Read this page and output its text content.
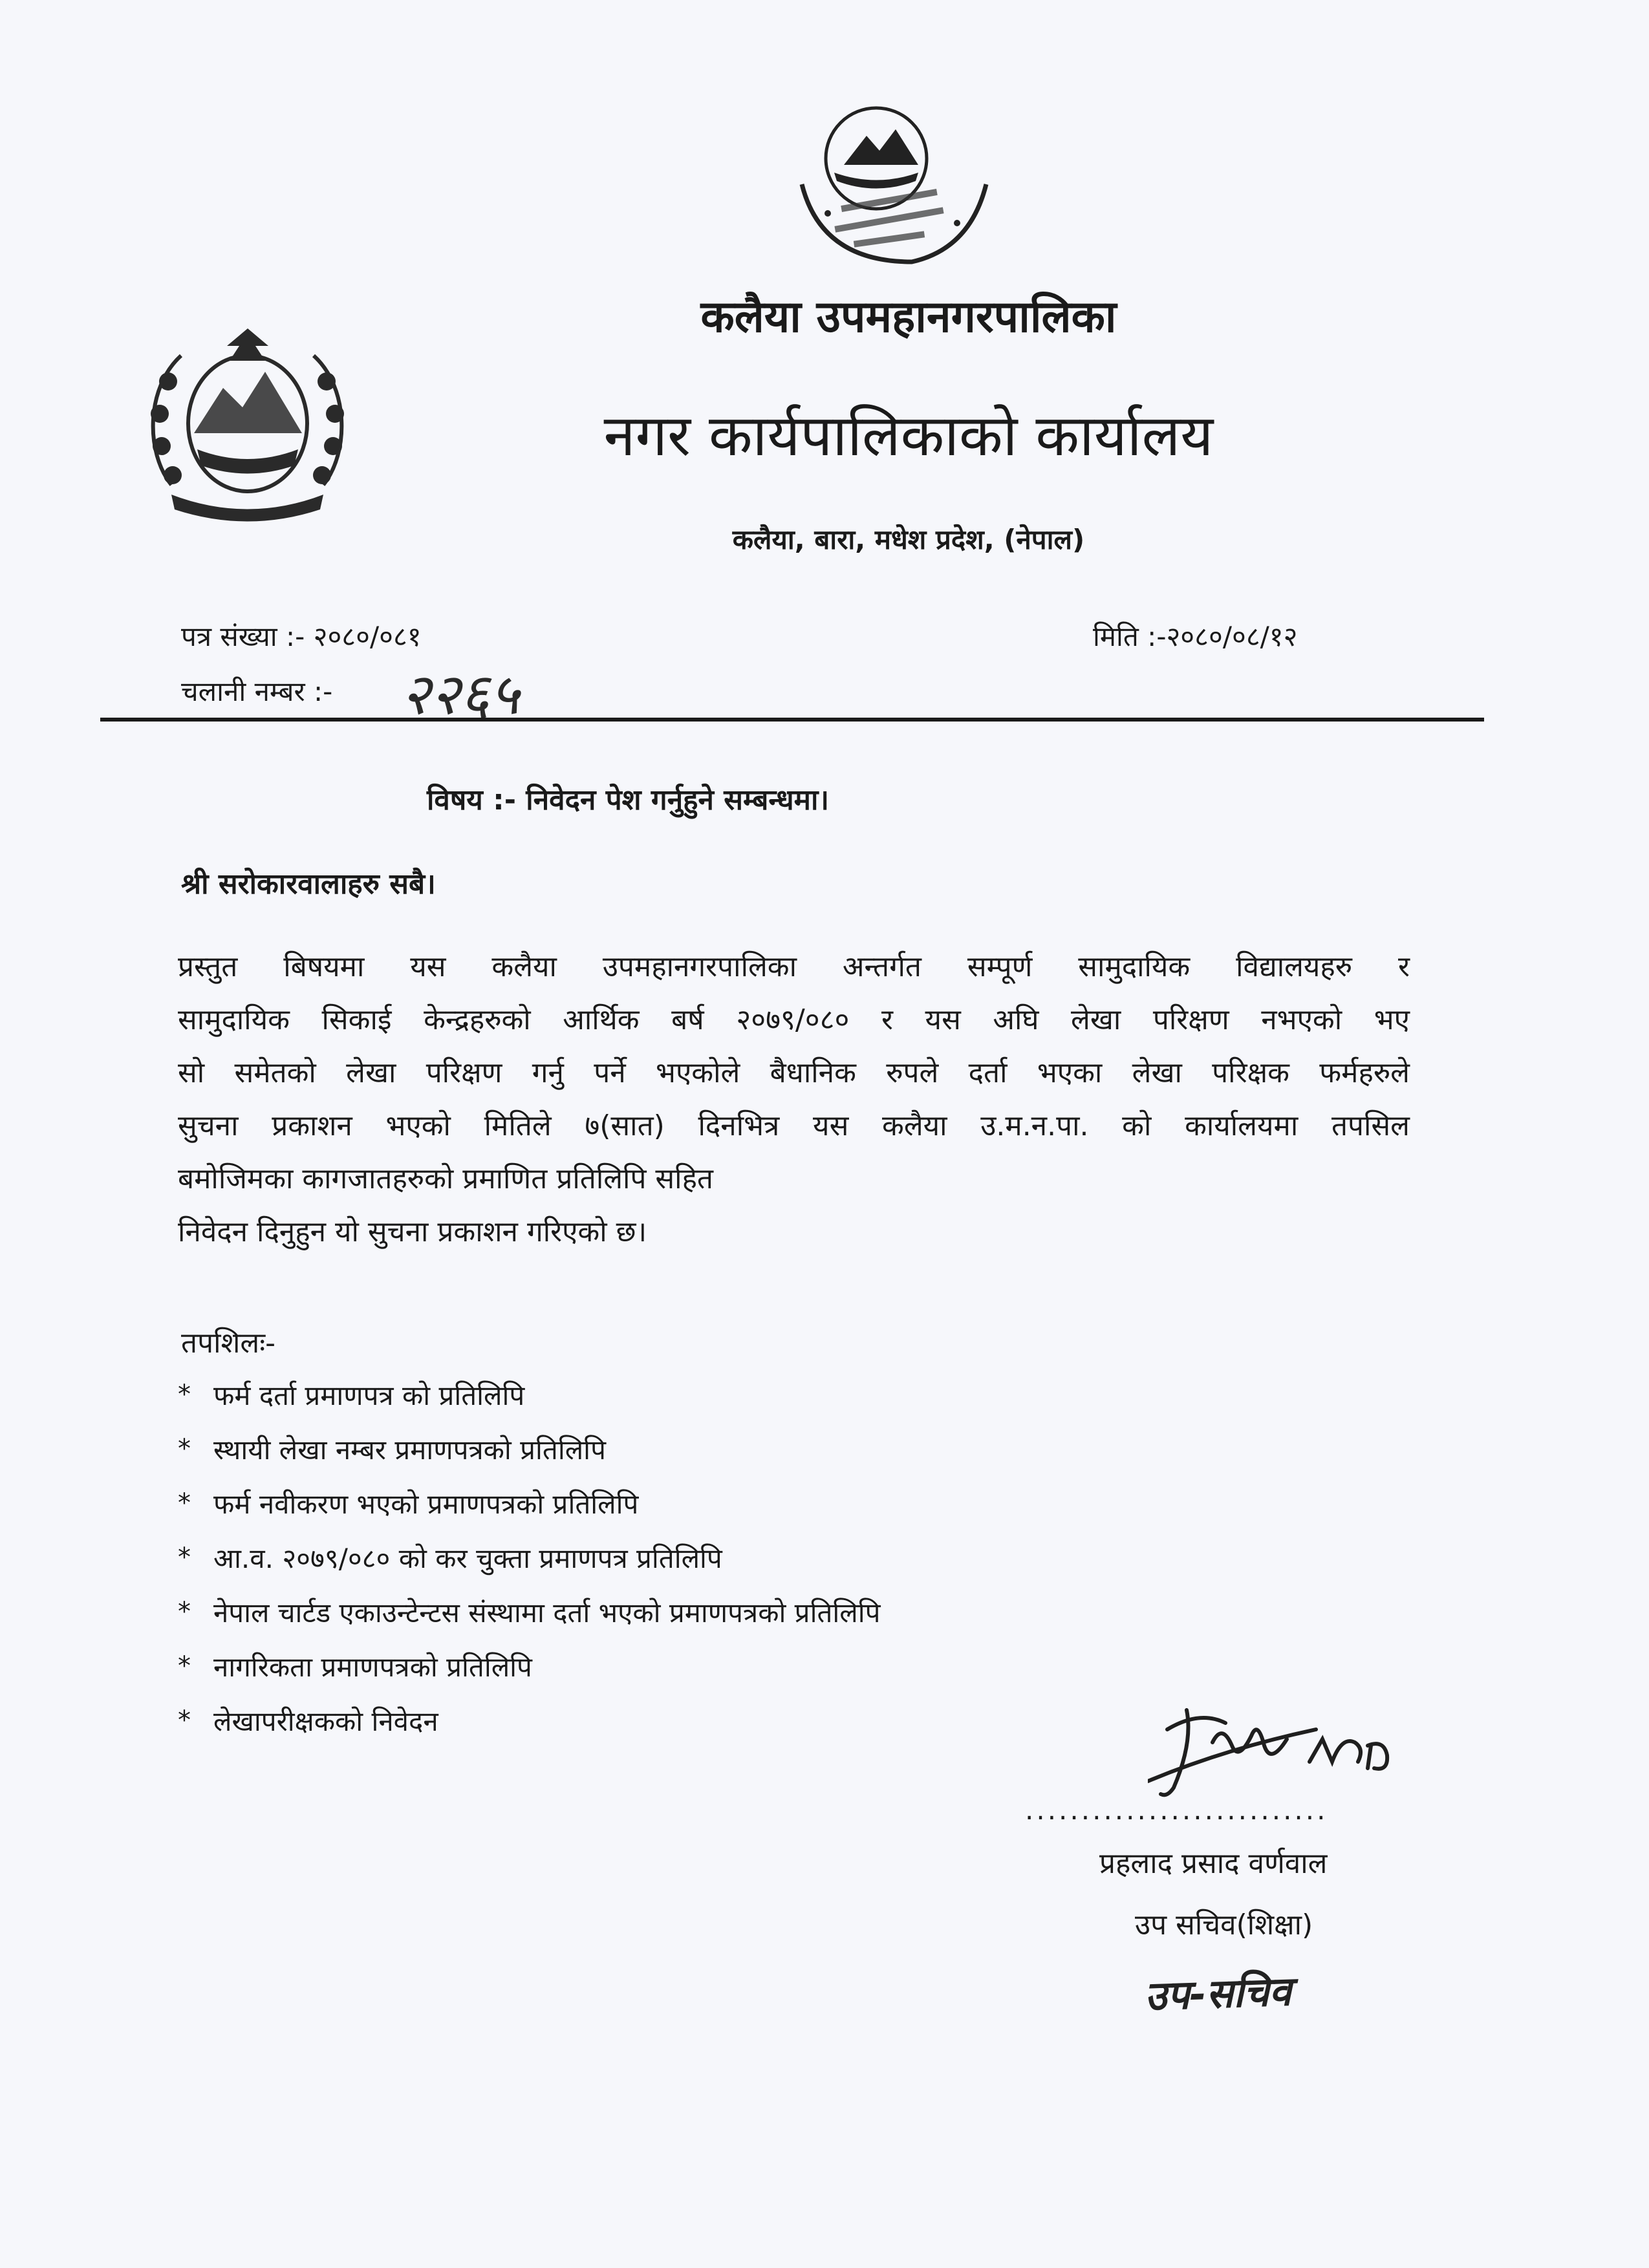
कलैया उपमहानगरपालिका
नगर कार्यपालिकाको कार्यालय
कलैया, बारा, मधेश प्रदेश, (नेपाल)
पत्र संख्या :- २०८०/०८१
चलानी नम्बर :- २२६५
मिति :-२०८०/०८/१२
विषय :- निवेदन पेश गर्नुहुने सम्बन्धमा।
श्री सरोकारवालाहरु सबै।
प्रस्तुत बिषयमा यस कलैया उपमहानगरपालिका अन्तर्गत सम्पूर्ण सामुदायिक विद्यालयहरु र
सामुदायिक सिकाई केन्द्रहरुको आर्थिक बर्ष २०७९/०८० र यस अघि लेखा परिक्षण नभएको भए
सो समेतको लेखा परिक्षण गर्नु पर्ने भएकोले बैधानिक रुपले दर्ता भएका लेखा परिक्षक फर्महरुले
सुचना प्रकाशन भएको मितिले ७(सात) दिनभित्र यस कलैया उ.म.न.पा. को कार्यालयमा तपसिल
बमोजिमका कागजातहरुको प्रमाणित प्रतिलिपि सहित
निवेदन दिनुहुन यो सुचना प्रकाशन गरिएको छ।
तपशिलः-
* फर्म दर्ता प्रमाणपत्र को प्रतिलिपि
* स्थायी लेखा नम्बर प्रमाणपत्रको प्रतिलिपि
* फर्म नवीकरण भएको प्रमाणपत्रको प्रतिलिपि
* आ.व. २०७९/०८० को कर चुक्ता प्रमाणपत्र प्रतिलिपि
* नेपाल चार्टड एकाउन्टेन्टस संस्थामा दर्ता भएको प्रमाणपत्रको प्रतिलिपि
* नागरिकता प्रमाणपत्रको प्रतिलिपि
* लेखापरीक्षकको निवेदन
...........................
प्रहलाद प्रसाद वर्णवाल
उप सचिव(शिक्षा)
उप-सचिव
